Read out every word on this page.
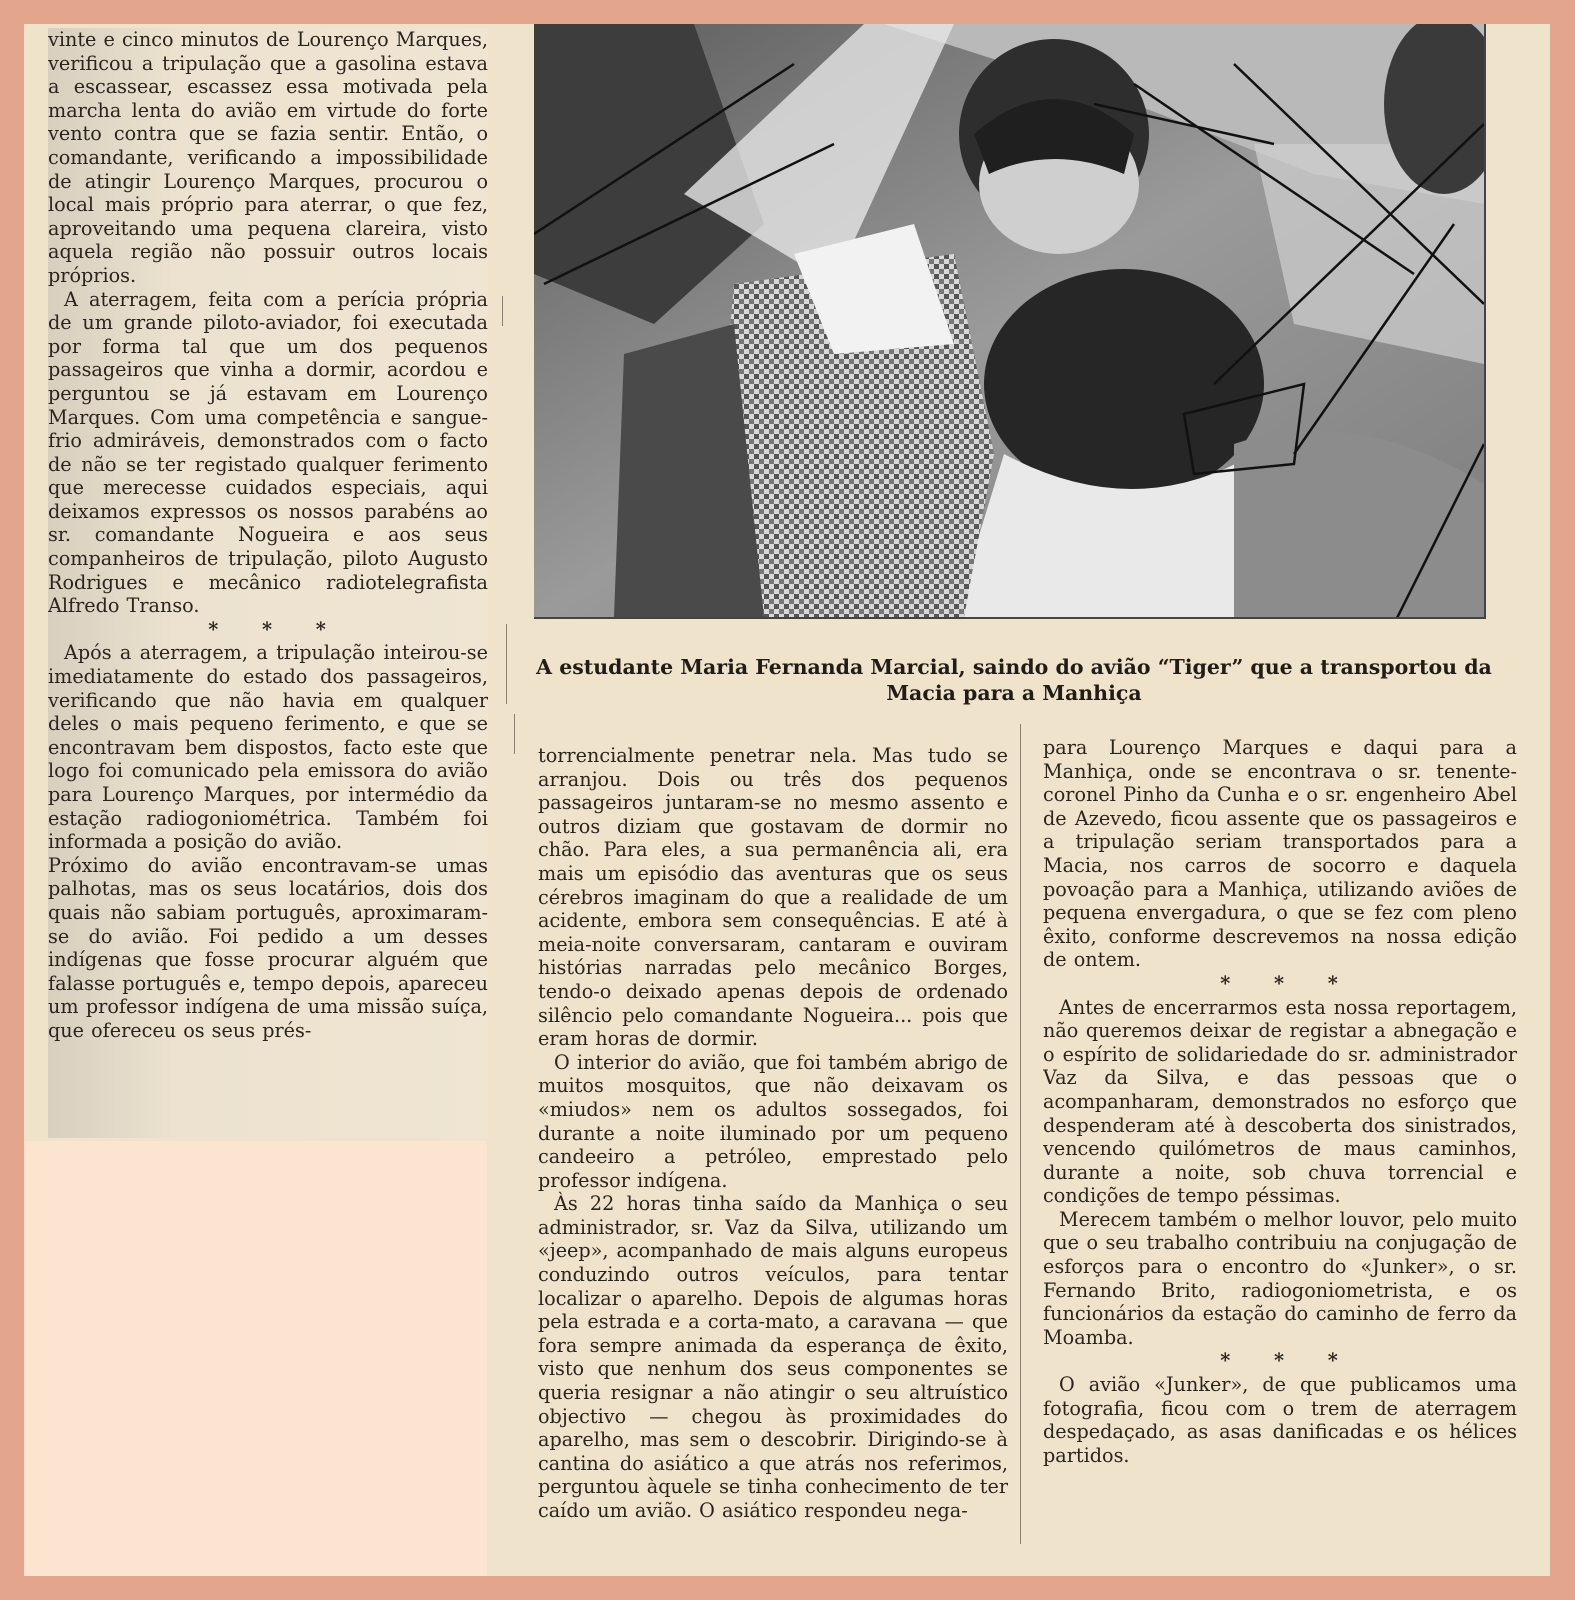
vinte e cinco minutos de Lourenço Marques, verificou a tripulação que a gasolina estava a escassear, escassez essa motivada pela marcha lenta do avião em virtude do forte vento contra que se fazia sentir. Então, o comandante, verificando a impossibilidade de atingir Lourenço Marques, procurou o local mais próprio para aterrar, o que fez, aproveitando uma pequena clareira, visto aquela região não possuir outros locais próprios.

A aterragem, feita com a perícia própria de um grande piloto-aviador, foi executada por forma tal que um dos pequenos passageiros que vinha a dormir, acordou e perguntou se já estavam em Lourenço Marques. Com uma competência e sangue-frio admiráveis, demonstrados com o facto de não se ter registado qualquer ferimento que merecesse cuidados especiais, aqui deixamos expressos os nossos parabéns ao sr. comandante Nogueira e aos seus companheiros de tripulação, piloto Augusto Rodrigues e mecânico radiotelegrafista Alfredo Transo.

* * *

Após a aterragem, a tripulação inteirou-se imediatamente do estado dos passageiros, verificando que não havia em qualquer deles o mais pequeno ferimento, e que se encontravam bem dispostos, facto este que logo foi comunicado pela emissora do avião para Lourenço Marques, por intermédio da estação radiogoniométrica. Também foi informada a posição do avião.

Próximo do avião encontravam-se umas palhotas, mas os seus locatários, dois dos quais não sabiam português, aproximaram-se do avião. Foi pedido a um desses indígenas que fosse procurar alguém que falasse português e, tempo depois, apareceu um professor indígena de uma missão suíça, que ofereceu os seus prés-

A estudante Maria Fernanda Marcial, saindo do avião “Tiger” que a transportou da Macia para a Manhiça

torrencialmente penetrar nela. Mas tudo se arranjou. Dois ou três dos pequenos passageiros juntaram-se no mesmo assento e outros diziam que gostavam de dormir no chão. Para eles, a sua permanência ali, era mais um episódio das aventuras que os seus cérebros imaginam do que a realidade de um acidente, embora sem consequências. E até à meia-noite conversaram, cantaram e ouviram histórias narradas pelo mecânico Borges, tendo-o deixado apenas depois de ordenado silêncio pelo comandante Nogueira... pois que eram horas de dormir.

O interior do avião, que foi também abrigo de muitos mosquitos, que não deixavam os «miudos» nem os adultos sossegados, foi durante a noite iluminado por um pequeno candeeiro a petróleo, emprestado pelo professor indígena.

Às 22 horas tinha saído da Manhiça o seu administrador, sr. Vaz da Silva, utilizando um «jeep», acompanhado de mais alguns europeus conduzindo outros veículos, para tentar localizar o aparelho. Depois de algumas horas pela estrada e a corta-mato, a caravana — que fora sempre animada da esperança de êxito, visto que nenhum dos seus componentes se queria resignar a não atingir o seu altruístico objectivo — chegou às proximidades do aparelho, mas sem o descobrir. Dirigindo-se à cantina do asiático a que atrás nos referimos, perguntou àquele se tinha conhecimento de ter caído um avião. O asiático respondeu nega-

para Lourenço Marques e daqui para a Manhiça, onde se encontrava o sr. tenente-coronel Pinho da Cunha e o sr. engenheiro Abel de Azevedo, ficou assente que os passageiros e a tripulação seriam transportados para a Macia, nos carros de socorro e daquela povoação para a Manhiça, utilizando aviões de pequena envergadura, o que se fez com pleno êxito, conforme descrevemos na nossa edição de ontem.

* * *

Antes de encerrarmos esta nossa reportagem, não queremos deixar de registar a abnegação e o espírito de solidariedade do sr. administrador Vaz da Silva, e das pessoas que o acompanharam, demonstrados no esforço que despenderam até à descoberta dos sinistrados, vencendo quilómetros de maus caminhos, durante a noite, sob chuva torrencial e condições de tempo péssimas.

Merecem também o melhor louvor, pelo muito que o seu trabalho contribuiu na conjugação de esforços para o encontro do «Junker», o sr. Fernando Brito, radiogoniometrista, e os funcionários da estação do caminho de ferro da Moamba.

* * *

O avião «Junker», de que publicamos uma fotografia, ficou com o trem de aterragem despedaçado, as asas danificadas e os hélices partidos.
